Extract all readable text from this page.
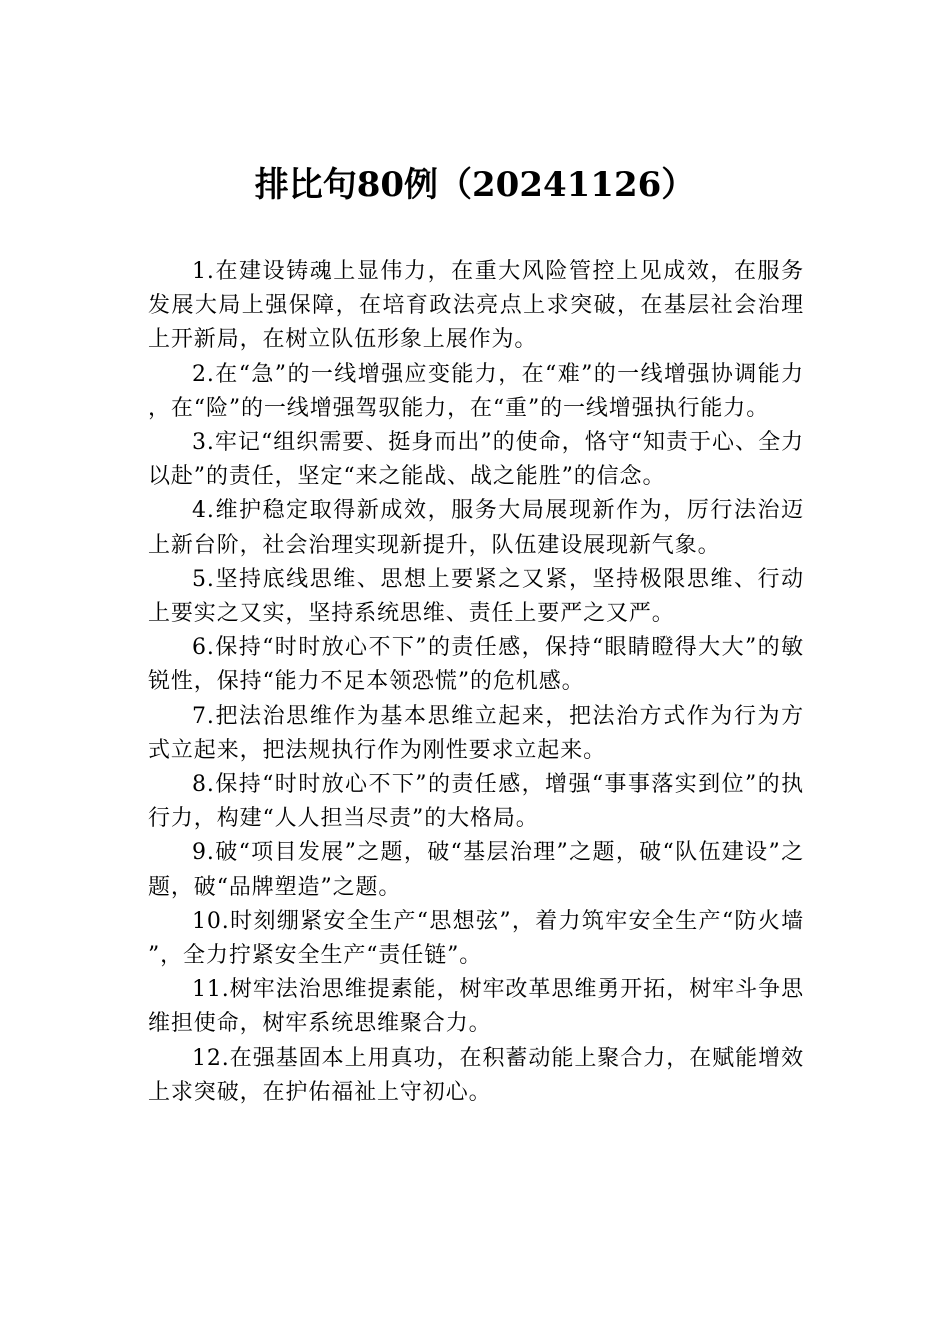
排比句80例（20241126）

1.在建设铸魂上显伟力，在重大风险管控上见成效，在服务发展大局上强保障，在培育政法亮点上求突破，在基层社会治理上开新局，在树立队伍形象上展作为。

2.在“急”的一线增强应变能力，在“难”的一线增强协调能力，在“险”的一线增强驾驭能力，在“重”的一线增强执行能力。

3.牢记“组织需要、挺身而出”的使命，恪守“知责于心、全力以赴”的责任，坚定“来之能战、战之能胜”的信念。

4.维护稳定取得新成效，服务大局展现新作为，厉行法治迈上新台阶，社会治理实现新提升，队伍建设展现新气象。

5.坚持底线思维、思想上要紧之又紧，坚持极限思维、行动上要实之又实，坚持系统思维、责任上要严之又严。

6.保持“时时放心不下”的责任感，保持“眼睛瞪得大大”的敏锐性，保持“能力不足本领恐慌”的危机感。

7.把法治思维作为基本思维立起来，把法治方式作为行为方式立起来，把法规执行作为刚性要求立起来。

8.保持“时时放心不下”的责任感，增强“事事落实到位”的执行力，构建“人人担当尽责”的大格局。

9.破“项目发展”之题，破“基层治理”之题，破“队伍建设”之题，破“品牌塑造”之题。

10.时刻绷紧安全生产“思想弦”，着力筑牢安全生产“防火墙”，全力拧紧安全生产“责任链”。

11.树牢法治思维提素能，树牢改革思维勇开拓，树牢斗争思维担使命，树牢系统思维聚合力。

12.在强基固本上用真功，在积蓄动能上聚合力，在赋能增效上求突破，在护佑福祉上守初心。
